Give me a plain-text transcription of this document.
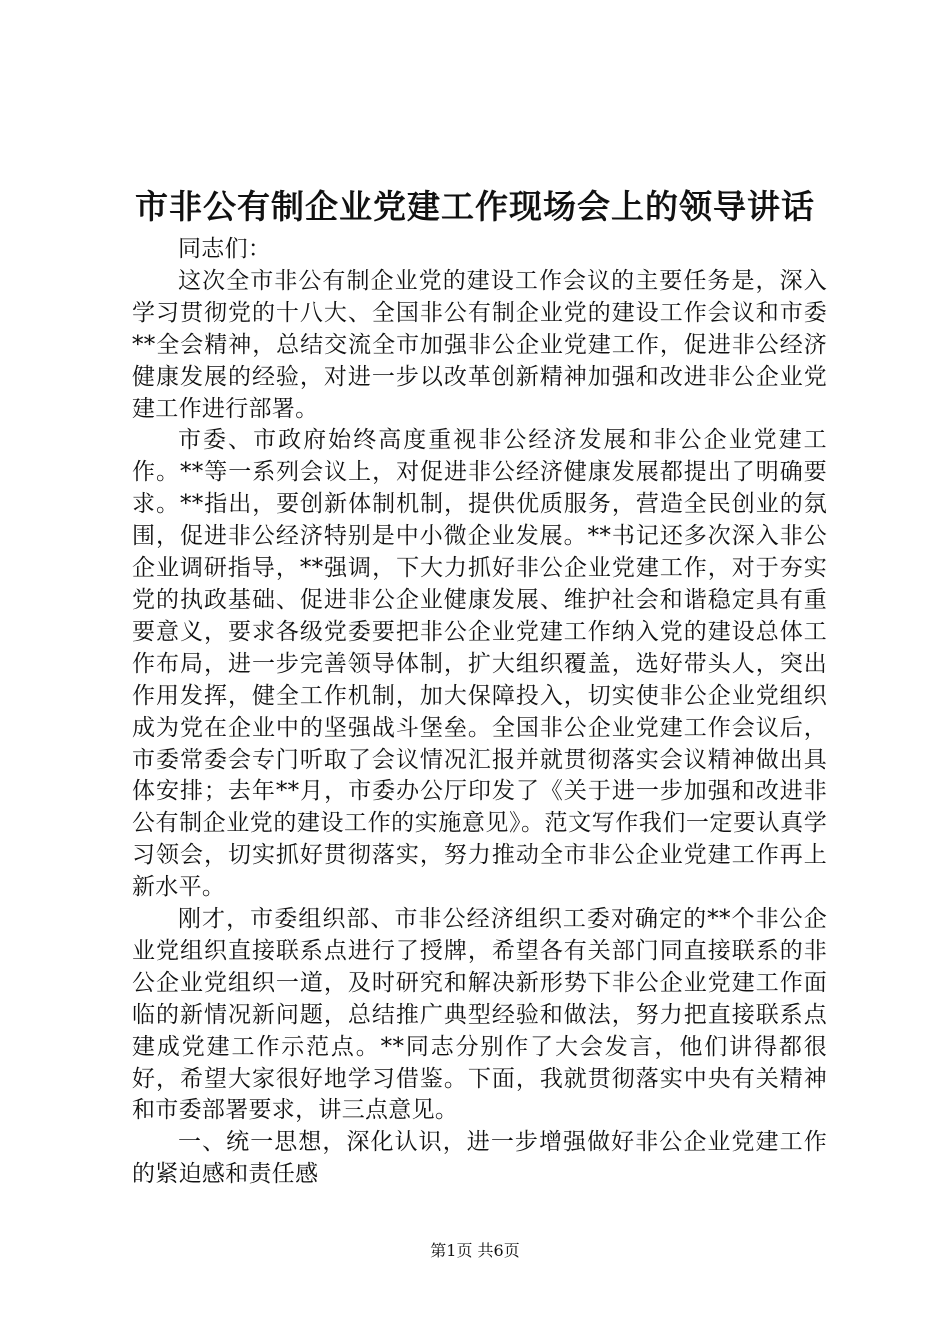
市非公有制企业党建工作现场会上的领导讲话

同志们：

这次全市非公有制企业党的建设工作会议的主要任务是，深入学习贯彻党的十八大、全国非公有制企业党的建设工作会议和市委**全会精神，总结交流全市加强非公企业党建工作，促进非公经济健康发展的经验，对进一步以改革创新精神加强和改进非公企业党建工作进行部署。

市委、市政府始终高度重视非公经济发展和非公企业党建工作。**等一系列会议上，对促进非公经济健康发展都提出了明确要求。**指出，要创新体制机制，提供优质服务，营造全民创业的氛围，促进非公经济特别是中小微企业发展。**书记还多次深入非公企业调研指导，**强调，下大力抓好非公企业党建工作，对于夯实党的执政基础、促进非公企业健康发展、维护社会和谐稳定具有重要意义，要求各级党委要把非公企业党建工作纳入党的建设总体工作布局，进一步完善领导体制，扩大组织覆盖，选好带头人，突出作用发挥，健全工作机制，加大保障投入，切实使非公企业党组织成为党在企业中的坚强战斗堡垒。全国非公企业党建工作会议后，市委常委会专门听取了会议情况汇报并就贯彻落实会议精神做出具体安排；去年**月，市委办公厅印发了《关于进一步加强和改进非公有制企业党的建设工作的实施意见》。范文写作我们一定要认真学习领会，切实抓好贯彻落实，努力推动全市非公企业党建工作再上新水平。

刚才，市委组织部、市非公经济组织工委对确定的**个非公企业党组织直接联系点进行了授牌，希望各有关部门同直接联系的非公企业党组织一道，及时研究和解决新形势下非公企业党建工作面临的新情况新问题，总结推广典型经验和做法，努力把直接联系点建成党建工作示范点。**同志分别作了大会发言，他们讲得都很好，希望大家很好地学习借鉴。下面，我就贯彻落实中央有关精神和市委部署要求，讲三点意见。

一、统一思想，深化认识，进一步增强做好非公企业党建工作的紧迫感和责任感

第1页 共6页
